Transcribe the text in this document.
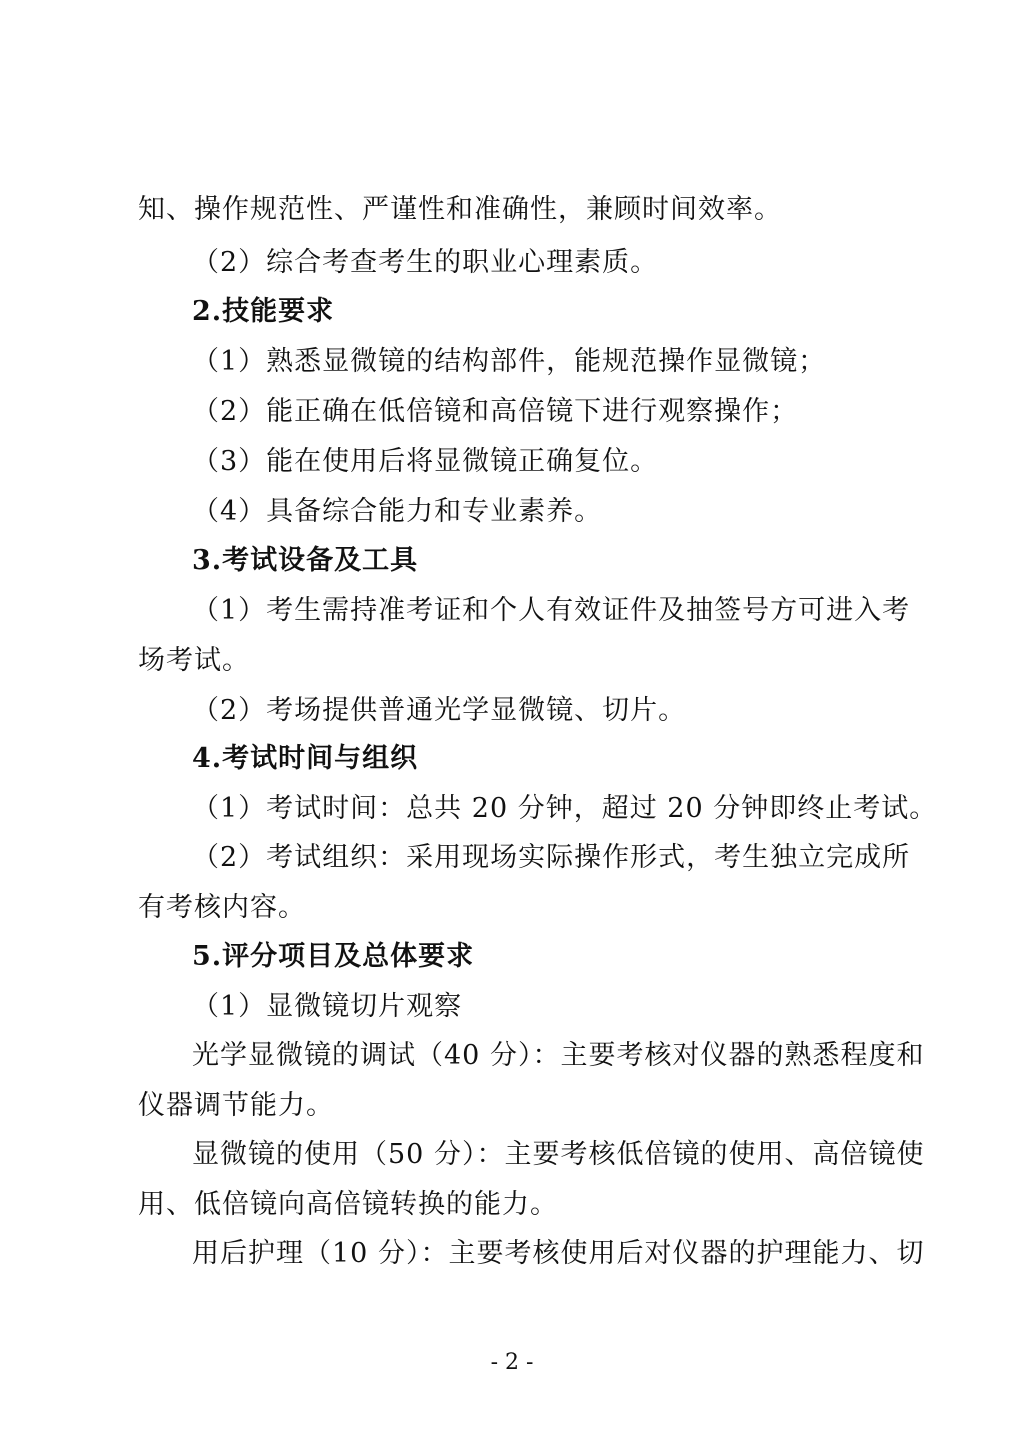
知、操作规范性、严谨性和准确性，兼顾时间效率。
（2）综合考查考生的职业心理素质。
2.技能要求
（1）熟悉显微镜的结构部件，能规范操作显微镜；
（2）能正确在低倍镜和高倍镜下进行观察操作；
（3）能在使用后将显微镜正确复位。
（4）具备综合能力和专业素养。
3.考试设备及工具
（1）考生需持准考证和个人有效证件及抽签号方可进入考
场考试。
（2）考场提供普通光学显微镜、切片。
4.考试时间与组织
（1）考试时间：总共 20 分钟，超过 20 分钟即终止考试。
（2）考试组织：采用现场实际操作形式，考生独立完成所
有考核内容。
5.评分项目及总体要求
（1）显微镜切片观察
光学显微镜的调试（40 分）：主要考核对仪器的熟悉程度和
仪器调节能力。
显微镜的使用（50 分）：主要考核低倍镜的使用、高倍镜使
用、低倍镜向高倍镜转换的能力。
用后护理（10 分）：主要考核使用后对仪器的护理能力、切
- 2 -
